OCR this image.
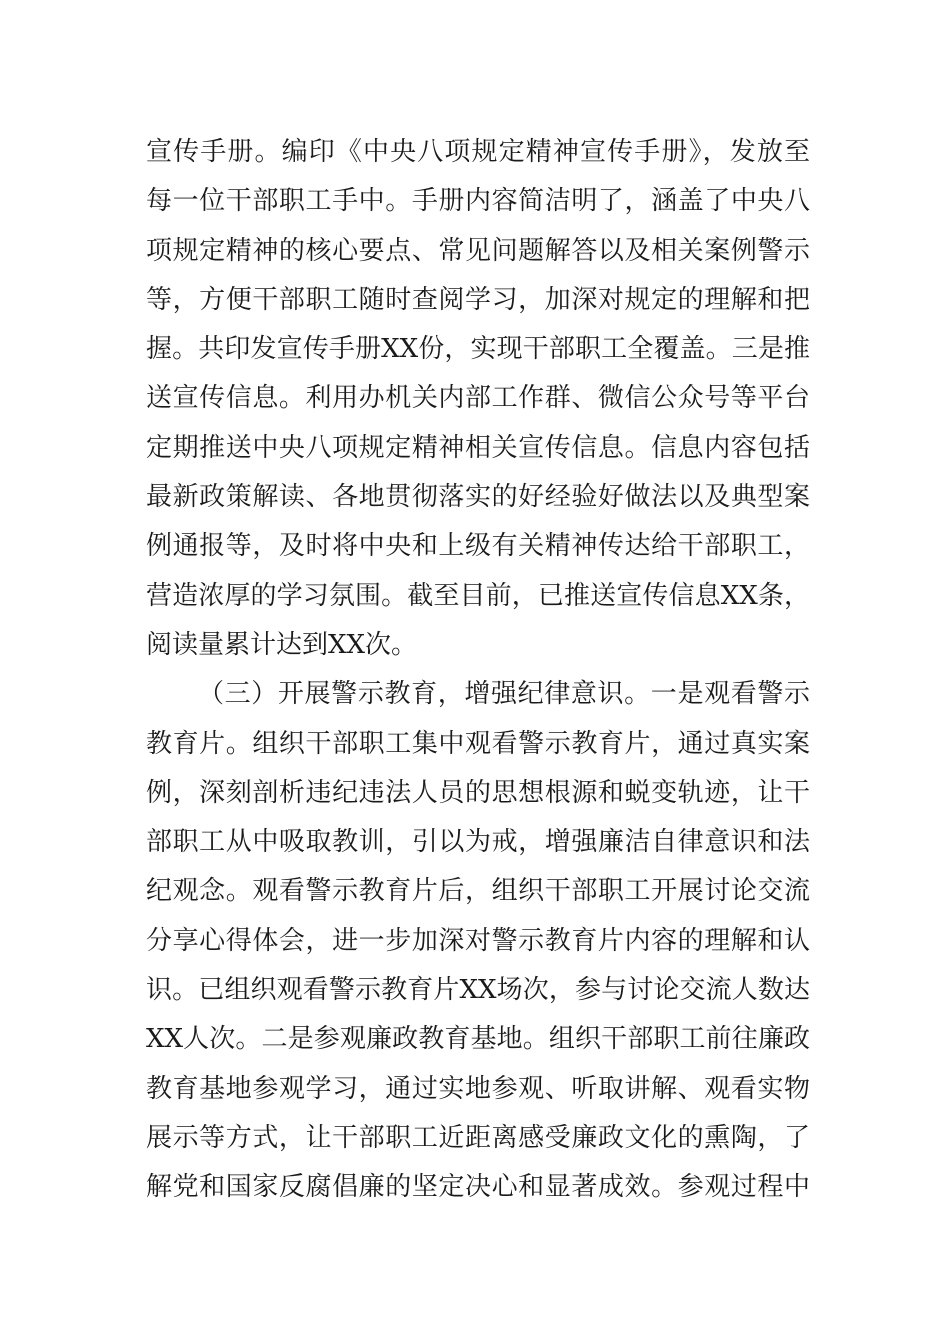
宣传手册。编印《中央八项规定精神宣传手册》，发放至
每一位干部职工手中。手册内容简洁明了，涵盖了中央八
项规定精神的核心要点、常见问题解答以及相关案例警示
等，方便干部职工随时查阅学习，加深对规定的理解和把
握。共印发宣传手册XX份，实现干部职工全覆盖。三是推
送宣传信息。利用办机关内部工作群、微信公众号等平台
定期推送中央八项规定精神相关宣传信息。信息内容包括
最新政策解读、各地贯彻落实的好经验好做法以及典型案
例通报等，及时将中央和上级有关精神传达给干部职工，
营造浓厚的学习氛围。截至目前，已推送宣传信息XX条，
阅读量累计达到XX次。
（三）开展警示教育，增强纪律意识。一是观看警示
教育片。组织干部职工集中观看警示教育片，通过真实案
例，深刻剖析违纪违法人员的思想根源和蜕变轨迹，让干
部职工从中吸取教训，引以为戒，增强廉洁自律意识和法
纪观念。观看警示教育片后，组织干部职工开展讨论交流
分享心得体会，进一步加深对警示教育片内容的理解和认
识。已组织观看警示教育片XX场次，参与讨论交流人数达
XX人次。二是参观廉政教育基地。组织干部职工前往廉政
教育基地参观学习，通过实地参观、听取讲解、观看实物
展示等方式，让干部职工近距离感受廉政文化的熏陶，了
解党和国家反腐倡廉的坚定决心和显著成效。参观过程中
